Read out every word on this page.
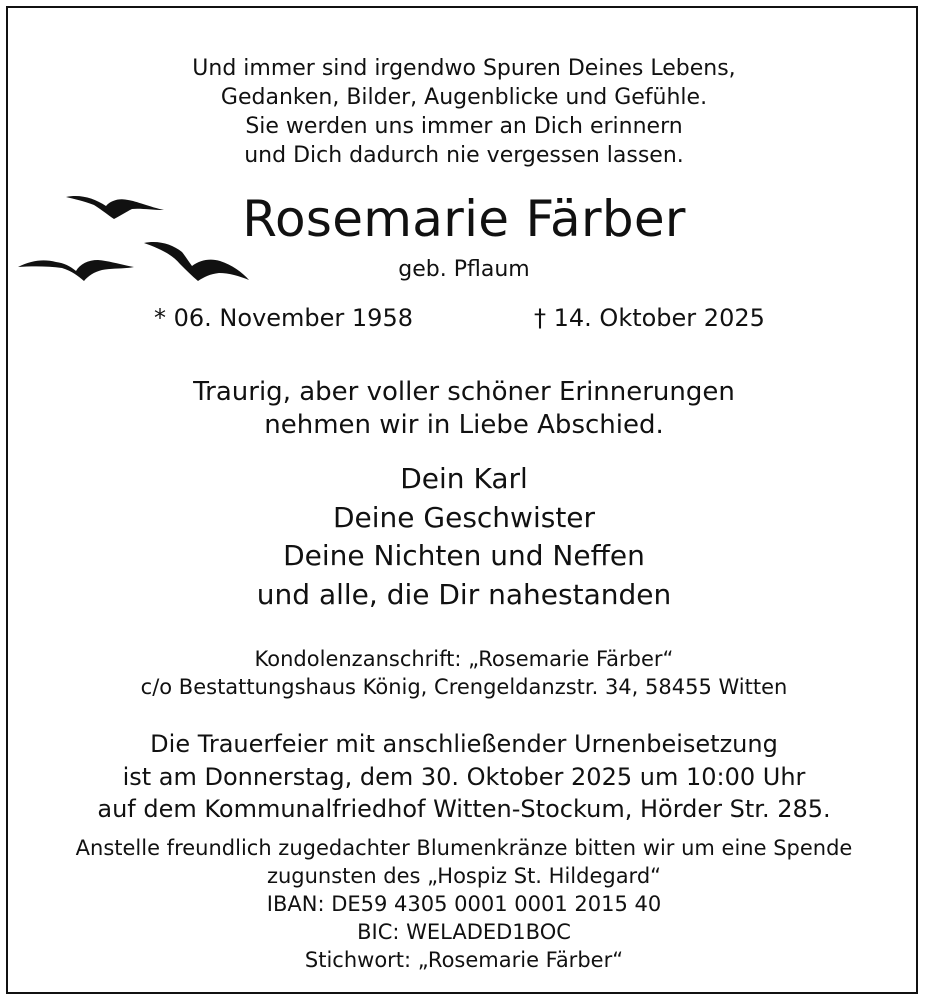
Und immer sind irgendwo Spuren Deines Lebens,
Gedanken, Bilder, Augenblicke und Gefühle.
Sie werden uns immer an Dich erinnern
und Dich dadurch nie vergessen lassen.
Rosemarie Färber
geb. Pflaum
* 06. November 1958	† 14. Oktober 2025
Traurig, aber voller schöner Erinnerungen
nehmen wir in Liebe Abschied.
Dein Karl
Deine Geschwister
Deine Nichten und Neffen
und alle, die Dir nahestanden
Kondolenzanschrift: „Rosemarie Färber“
c/o Bestattungshaus König, Crengeldanzstr. 34, 58455 Witten
Die Trauerfeier mit anschließender Urnenbeisetzung
ist am Donnerstag, dem 30. Oktober 2025 um 10:00 Uhr
auf dem Kommunalfriedhof Witten-Stockum, Hörder Str. 285.
Anstelle freundlich zugedachter Blumenkränze bitten wir um eine Spende
zugunsten des „Hospiz St. Hildegard“
IBAN: DE59 4305 0001 0001 2015 40
BIC: WELADED1BOC
Stichwort: „Rosemarie Färber“
